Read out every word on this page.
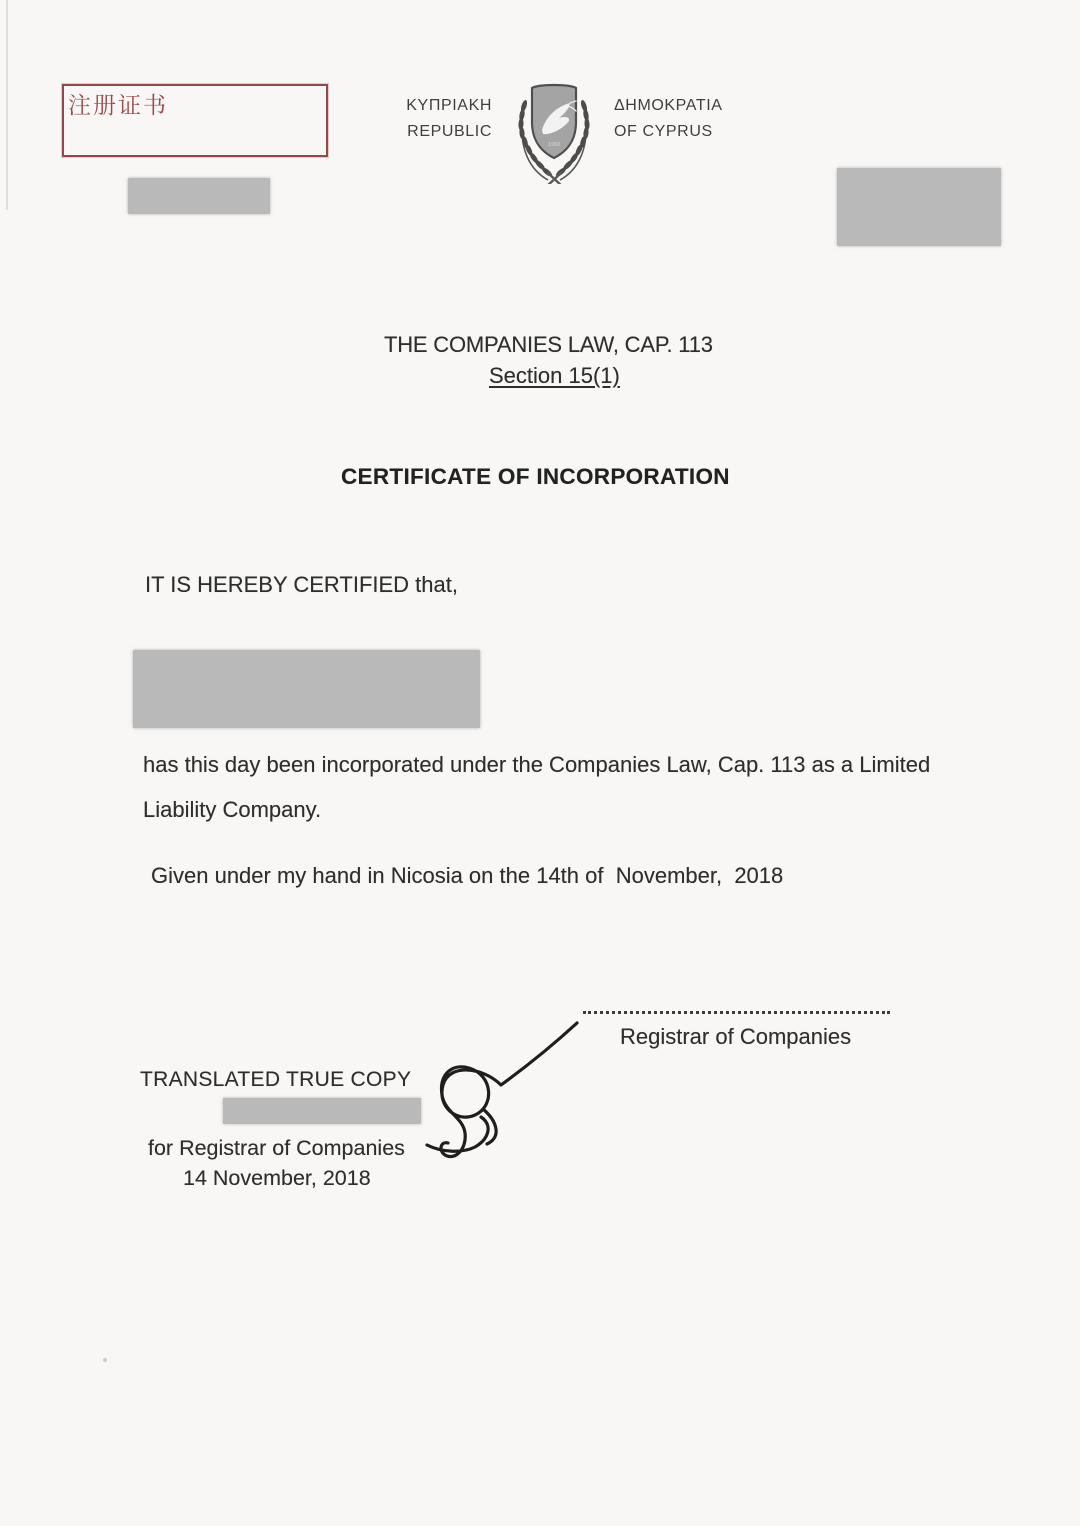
注册证书	ΚΥΠΡΙΑΚΗ
REPUBLIC
1960
ΔΗΜΟΚΡΑΤΙΑ
OF CYPRUS
THE COMPANIES LAW, CAP. 113
Section 15(1)
CERTIFICATE OF INCORPORATION
IT IS HEREBY CERTIFIED that,
has this day been incorporated under the Companies Law, Cap. 113 as a Limited
Liability Company.
Given under my hand in Nicosia on the 14th of  November,  2018
Registrar of Companies
TRANSLATED TRUE COPY
for Registrar of Companies
14 November, 2018
